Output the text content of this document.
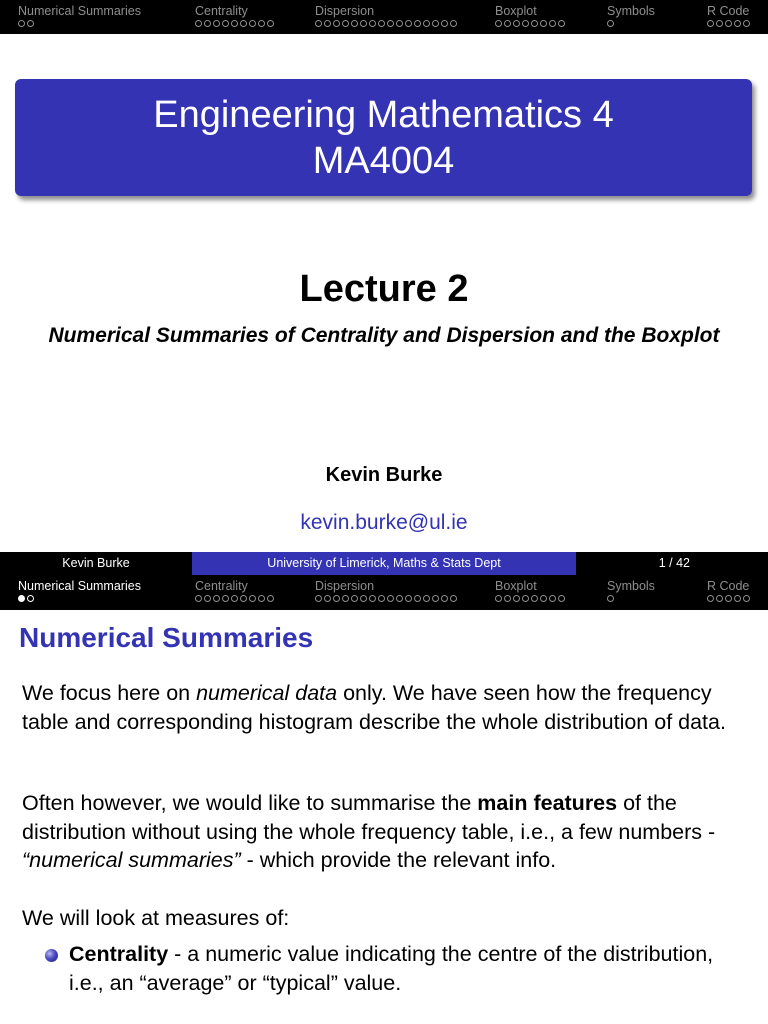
Numerical Summaries	Centrality	Dispersion	Boxplot	Symbols	R Code
Engineering Mathematics 4
MA4004
Lecture 2
Numerical Summaries of Centrality and Dispersion and the Boxplot
Kevin Burke
kevin.burke@ul.ie
Kevin Burke	University of Limerick, Maths & Stats Dept	1 / 42
Numerical Summaries	Centrality	Dispersion	Boxplot	Symbols	R Code
Numerical Summaries
We focus here on numerical data only. We have seen how the frequency table and corresponding histogram describe the whole distribution of data.
Often however, we would like to summarise the main features of the distribution without using the whole frequency table, i.e., a few numbers - “numerical summaries” - which provide the relevant info.
We will look at measures of:
Centrality - a numeric value indicating the centre of the distribution, i.e., an “average” or “typical” value.
